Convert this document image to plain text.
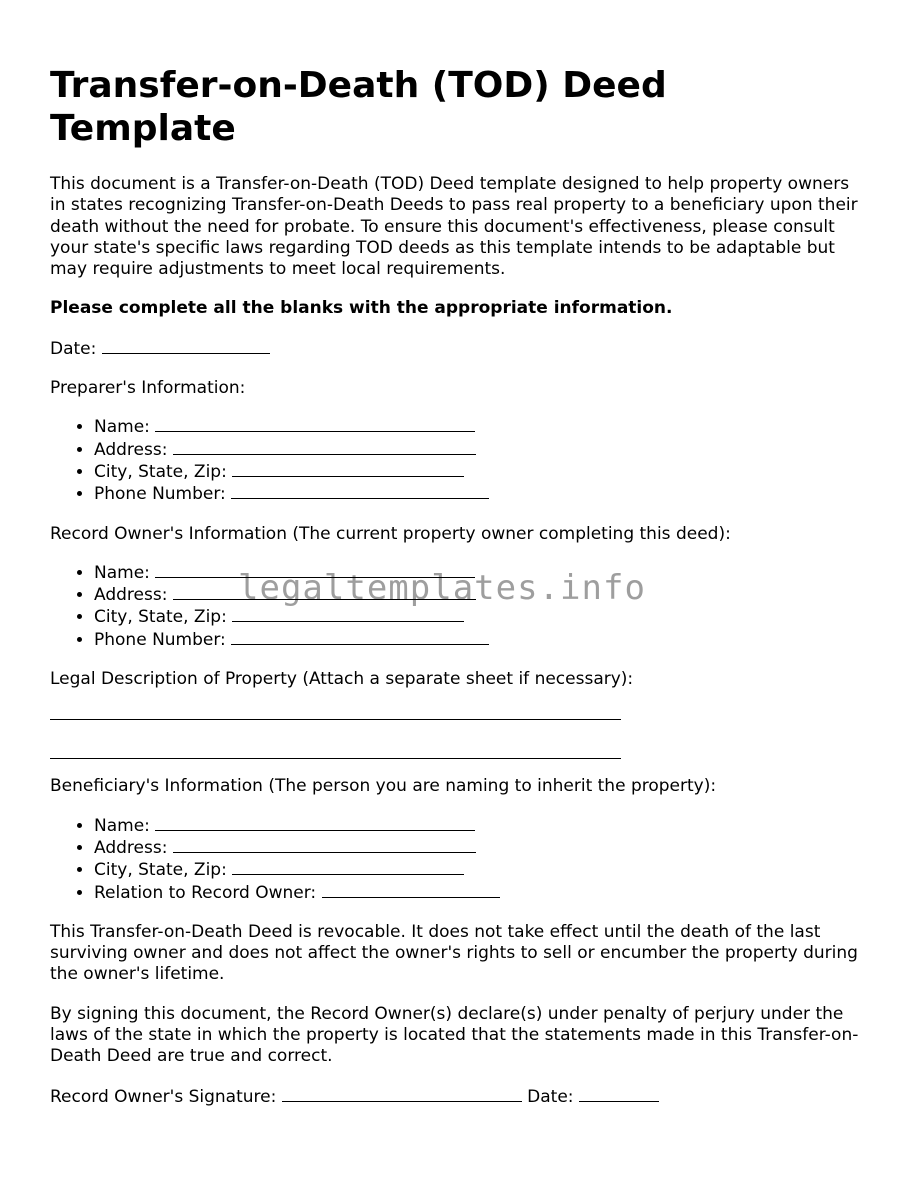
Transfer-on-Death (TOD) Deed Template

This document is a Transfer-on-Death (TOD) Deed template designed to help property owners in states recognizing Transfer-on-Death Deeds to pass real property to a beneficiary upon their death without the need for probate. To ensure this document's effectiveness, please consult your state's specific laws regarding TOD deeds as this template intends to be adaptable but may require adjustments to meet local requirements.

Please complete all the blanks with the appropriate information.

Date:

Preparer's Information:

• Name:
• Address:
• City, State, Zip:
• Phone Number:

Record Owner's Information (The current property owner completing this deed):

• Name:
• Address:
• City, State, Zip:
• Phone Number:

Legal Description of Property (Attach a separate sheet if necessary):

Beneficiary's Information (The person you are naming to inherit the property):

• Name:
• Address:
• City, State, Zip:
• Relation to Record Owner:

This Transfer-on-Death Deed is revocable. It does not take effect until the death of the last surviving owner and does not affect the owner's rights to sell or encumber the property during the owner's lifetime.

By signing this document, the Record Owner(s) declare(s) under penalty of perjury under the laws of the state in which the property is located that the statements made in this Transfer-on-Death Deed are true and correct.

Record Owner's Signature:	Date:

legaltemplates.info
